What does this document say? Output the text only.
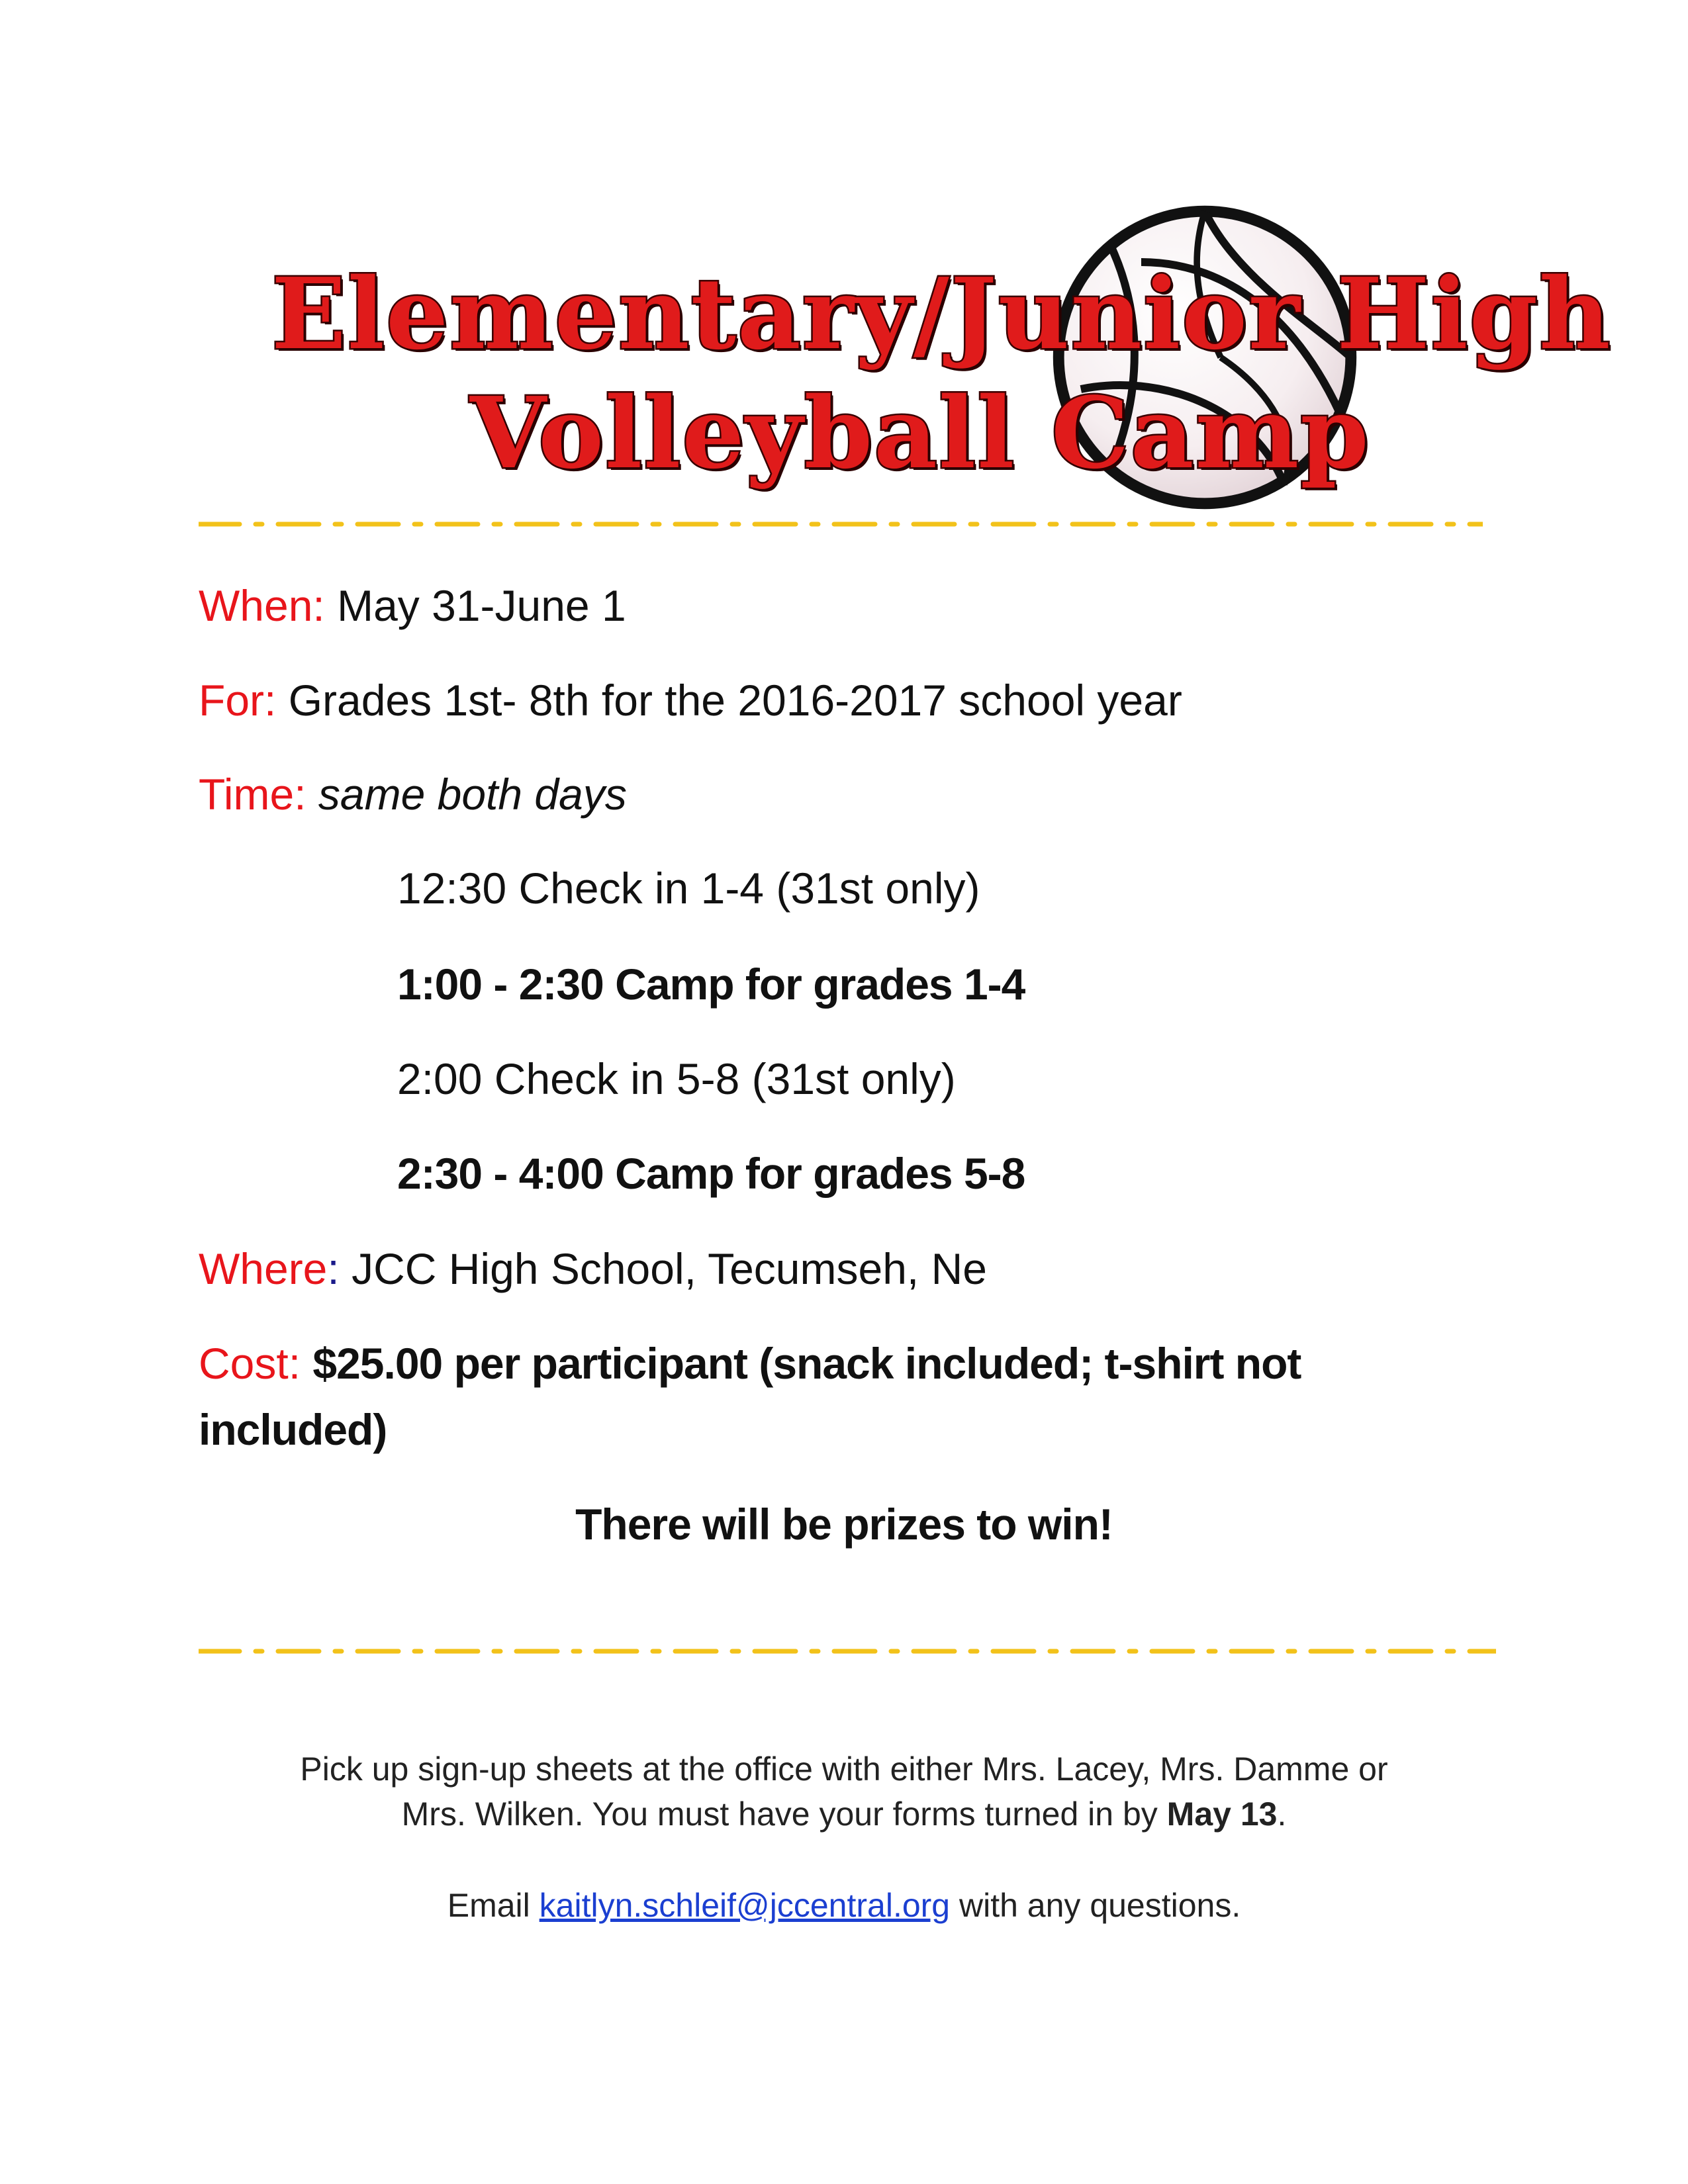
Elementary/Junior High
Volleyball Camp
When: May 31-June 1
For: Grades 1st- 8th for the 2016-2017 school year
Time: same both days
12:30 Check in 1-4 (31st only)
1:00 - 2:30 Camp for grades 1-4
2:00 Check in 5-8 (31st only)
2:30 - 4:00 Camp for grades 5-8
Where: JCC High School, Tecumseh, Ne
Cost: $25.00 per participant (snack included; t-shirt not
included)
There will be prizes to win!
Pick up sign-up sheets at the office with either Mrs. Lacey, Mrs. Damme or
Mrs. Wilken. You must have your forms turned in by May 13.
Email kaitlyn.schleif@jccentral.org with any questions.
